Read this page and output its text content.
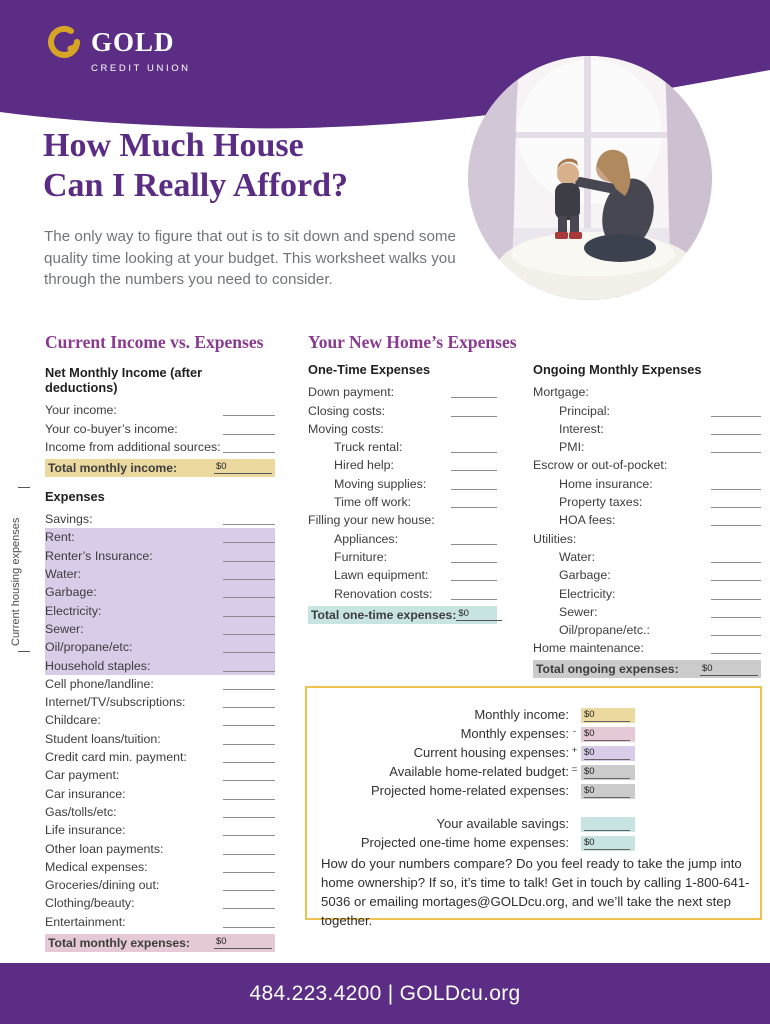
GOLD
CREDIT UNION
How Much House
Can I Really Afford?
The only way to figure that out is to sit down and spend some quality time looking at your budget. This worksheet walks you through the numbers you need to consider.
Current Income vs. Expenses
Net Monthly Income (after deductions)
Your income:
Your co-buyer’s income:
Income from additional sources:
Total monthly income:	$0
Expenses
Savings:
Rent:
Renter’s Insurance:
Water:
Garbage:
Electricity:
Sewer:
Oil/propane/etc:
Household staples:
Cell phone/landline:
Internet/TV/subscriptions:
Childcare:
Student loans/tuition:
Credit card min. payment:
Car payment:
Car insurance:
Gas/tolls/etc:
Life insurance:
Other loan payments:
Medical expenses:
Groceries/dining out:
Clothing/beauty:
Entertainment:
Total monthly expenses:	$0
Current housing expenses
Your New Home’s Expenses
One-Time Expenses
Down payment:
Closing costs:
Moving costs:
Truck rental:
Hired help:
Moving supplies:
Time off work:
Filling your new house:
Appliances:
Furniture:
Lawn equipment:
Renovation costs:
Total one-time expenses: $0
Ongoing Monthly Expenses
Mortgage:
Principal:
Interest:
PMI:
Escrow or out-of-pocket:
Home insurance:
Property taxes:
HOA fees:
Utilities:
Water:
Garbage:
Electricity:
Sewer:
Oil/propane/etc.:
Home maintenance:
Total ongoing expenses: $0
Monthly income: $0
Monthly expenses: - $0
Current housing expenses: + $0
Available home-related budget: = $0
Projected home-related expenses: $0
Your available savings:
Projected one-time home expenses: $0
How do your numbers compare? Do you feel ready to take the jump into home ownership? If so, it’s time to talk! Get in touch by calling 1-800-641-5036 or emailing mortages@GOLDcu.org, and we’ll take the next step together.
484.223.4200 | GOLDcu.org
